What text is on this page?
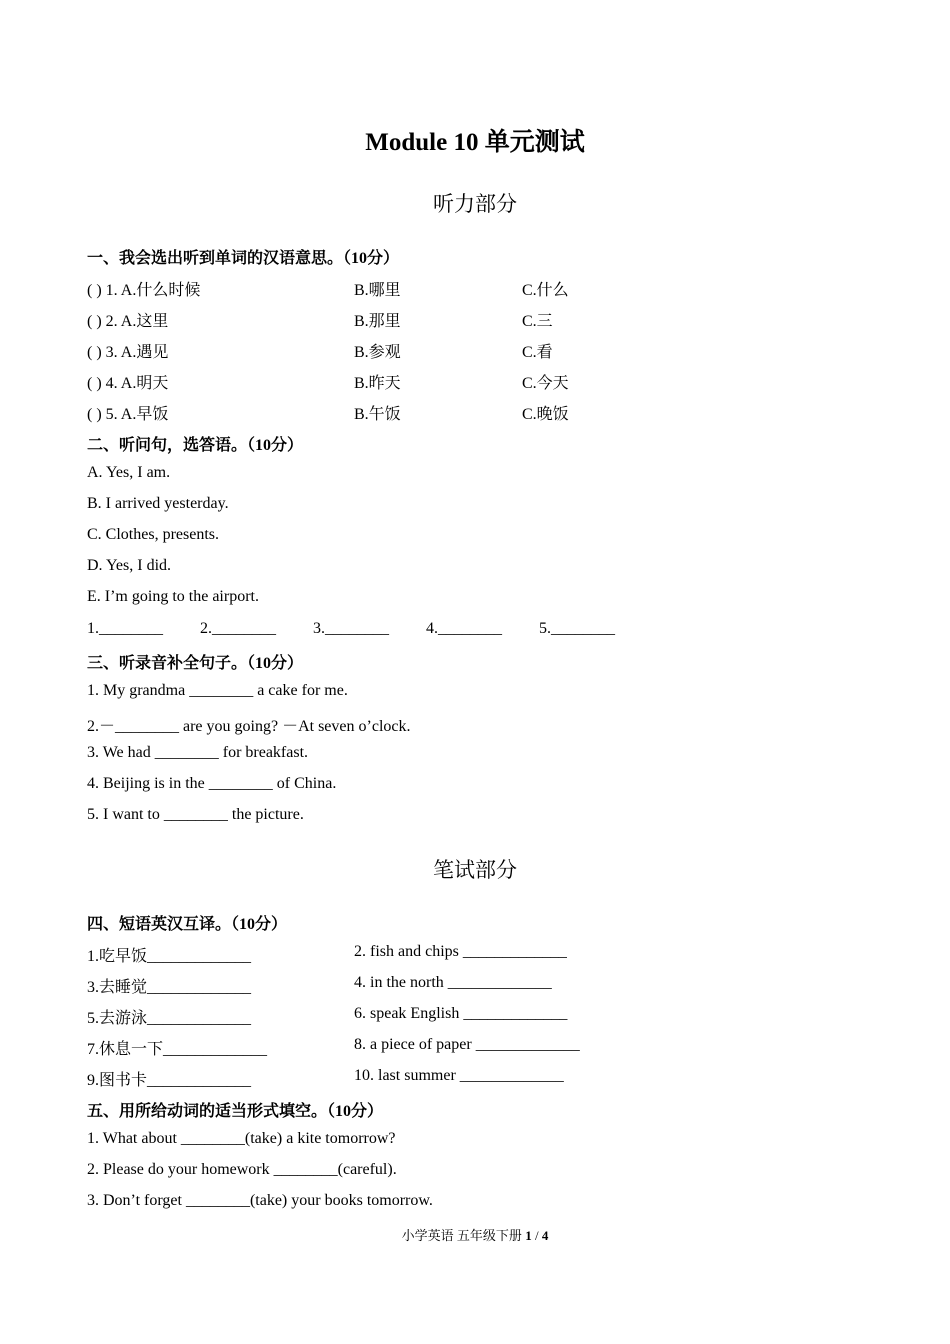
Module 10 单元测试
听力部分
一、我会选出听到单词的汉语意思。（10分）
( ) 1. A.什么时候	B.哪里	C.什么
( ) 2. A.这里	B.那里	C.三
( ) 3. A.遇见	B.参观	C.看
( ) 4. A.明天	B.昨天	C.今天
( ) 5. A.早饭	B.午饭	C.晚饭
二、听问句，选答语。（10分）
A. Yes, I am.
B. I arrived yesterday.
C. Clothes, presents.
D. Yes, I did.
E. I’m going to the airport.
1.________ 2.________ 3.________ 4.________ 5.________
三、听录音补全句子。（10分）
1. My grandma ________ a cake for me.
2.－________ are you going? －At seven o’clock.
3. We had ________ for breakfast.
4. Beijing is in the ________ of China.
5. I want to ________ the picture.
笔试部分
四、短语英汉互译。（10分）
1.吃早饭_____________	2. fish and chips _____________
3.去睡觉_____________	4. in the north _____________
5.去游泳_____________	6. speak English _____________
7.休息一下_____________	8. a piece of paper _____________
9.图书卡_____________	10. last summer _____________
五、用所给动词的适当形式填空。（10分）
1. What about ________(take) a kite tomorrow?
2. Please do your homework ________(careful).
3. Don’t forget ________(take) your books tomorrow.
小学英语 五年级下册 1 / 4
